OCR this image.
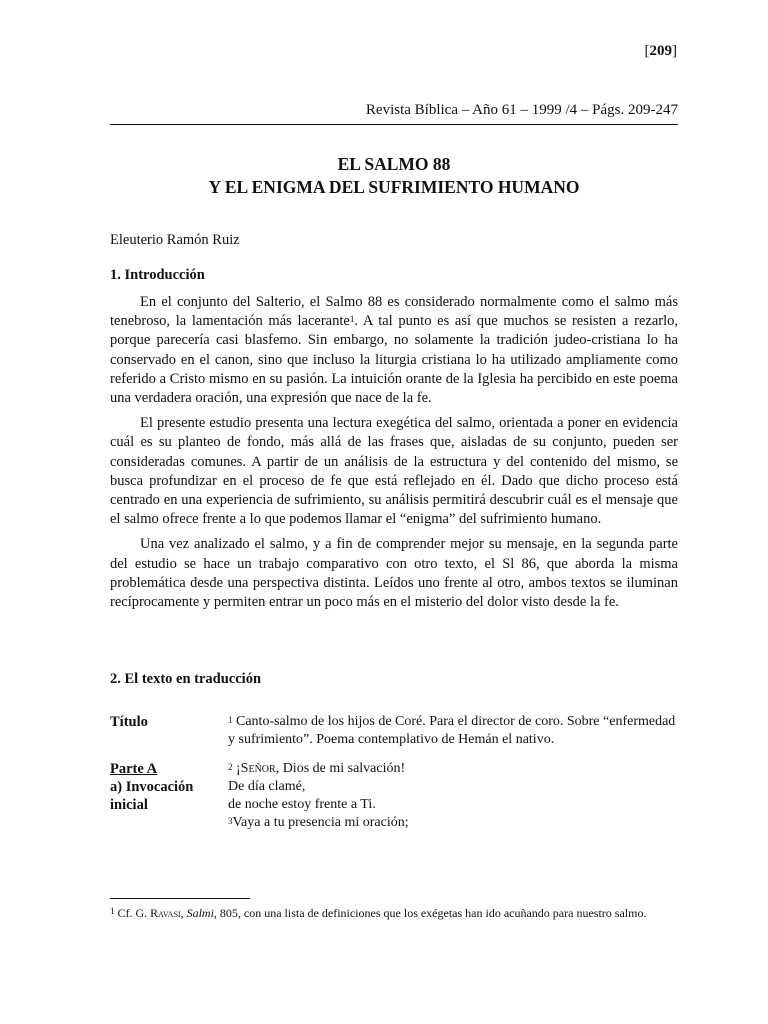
[209]
Revista Bíblica – Año 61 – 1999 /4 – Págs. 209-247
EL SALMO 88
Y EL ENIGMA DEL SUFRIMIENTO HUMANO
Eleuterio Ramón Ruiz
1. Introducción

En el conjunto del Salterio, el Salmo 88 es considerado normalmente como el salmo más tenebroso, la lamentación más lacerante$^1$. A tal punto es así que muchos se resisten a rezarlo, porque parecería casi blasfemo. Sin embargo, no solamente la tradición judeo-cristiana lo ha conservado en el canon, sino que incluso la liturgia cristiana lo ha utilizado ampliamente como referido a Cristo mismo en su pasión. La intuición orante de la Iglesia ha percibido en este poema una verdadera oración, una expresión que nace de la fe.

El presente estudio presenta una lectura exegética del salmo, orientada a poner en evidencia cuál es su planteo de fondo, más allá de las frases que, aisladas de su conjunto, pueden ser consideradas comunes. A partir de un análisis de la estructura y del contenido del mismo, se busca profundizar en el proceso de fe que está reflejado en él. Dado que dicho proceso está centrado en una experiencia de sufrimiento, su análisis permitirá descubrir cuál es el mensaje que el salmo ofrece frente a lo que podemos llamar el “enigma” del sufrimiento humano.

Una vez analizado el salmo, y a fin de comprender mejor su mensaje, en la segunda parte del estudio se hace un trabajo comparativo con otro texto, el Sl 86, que aborda la misma problemática desde una perspectiva distinta. Leídos uno frente al otro, ambos textos se iluminan recíprocamente y permiten entrar un poco más en el misterio del dolor visto desde la fe.

2. El texto en traducción
Título	$^1$ Canto-salmo de los hijos de Coré. Para el director de coro. Sobre “enfermedad y sufrimiento”. Poema contemplativo de Hemán el nativo.
Parte A
a) Invocación
inicial
$^2$ ¡Señor, Dios de mi salvación!
De día clamé,
de noche estoy frente a Ti.
$^3$Vaya a tu presencia mi oración;
$^1$ Cf. G. Ravasi, Salmi, 805, con una lista de definiciones que los exégetas han ido acuñando para nuestro salmo.
